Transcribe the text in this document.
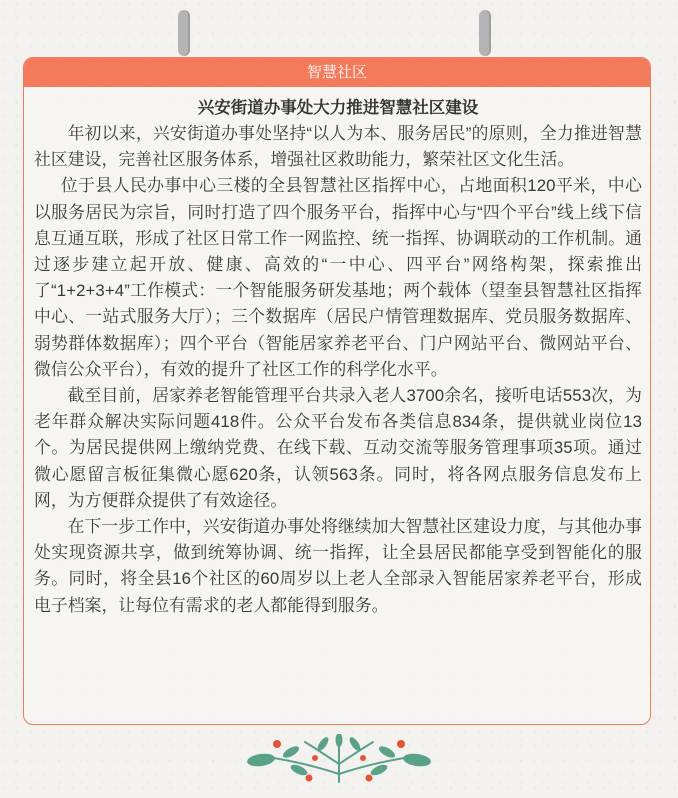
智慧社区
兴安街道办事处大力推进智慧社区建设

年初以来，兴安街道办事处坚持“以人为本、服务居民”的原则，全力推进智慧社区建设，完善社区服务体系，增强社区救助能力，繁荣社区文化生活。

位于县人民办事中心三楼的全县智慧社区指挥中心，占地面积120平米，中心以服务居民为宗旨，同时打造了四个服务平台，指挥中心与“四个平台”线上线下信息互通互联，形成了社区日常工作一网监控、统一指挥、协调联动的工作机制。通过逐步建立起开放、健康、高效的“一中心、四平台”网络构架，探索推出了“1+2+3+4”工作模式：一个智能服务研发基地；两个载体（望奎县智慧社区指挥中心、一站式服务大厅）；三个数据库（居民户情管理数据库、党员服务数据库、弱势群体数据库）；四个平台（智能居家养老平台、门户网站平台、微网站平台、微信公众平台），有效的提升了社区工作的科学化水平。

截至目前，居家养老智能管理平台共录入老人3700余名，接听电话553次，为老年群众解决实际问题418件。公众平台发布各类信息834条，提供就业岗位13个。为居民提供网上缴纳党费、在线下载、互动交流等服务管理事项35项。通过微心愿留言板征集微心愿620条，认领563条。同时，将各网点服务信息发布上网，为方便群众提供了有效途径。

在下一步工作中，兴安街道办事处将继续加大智慧社区建设力度，与其他办事处实现资源共享，做到统筹协调、统一指挥，让全县居民都能享受到智能化的服务。同时，将全县16个社区的60周岁以上老人全部录入智能居家养老平台，形成电子档案，让每位有需求的老人都能得到服务。
